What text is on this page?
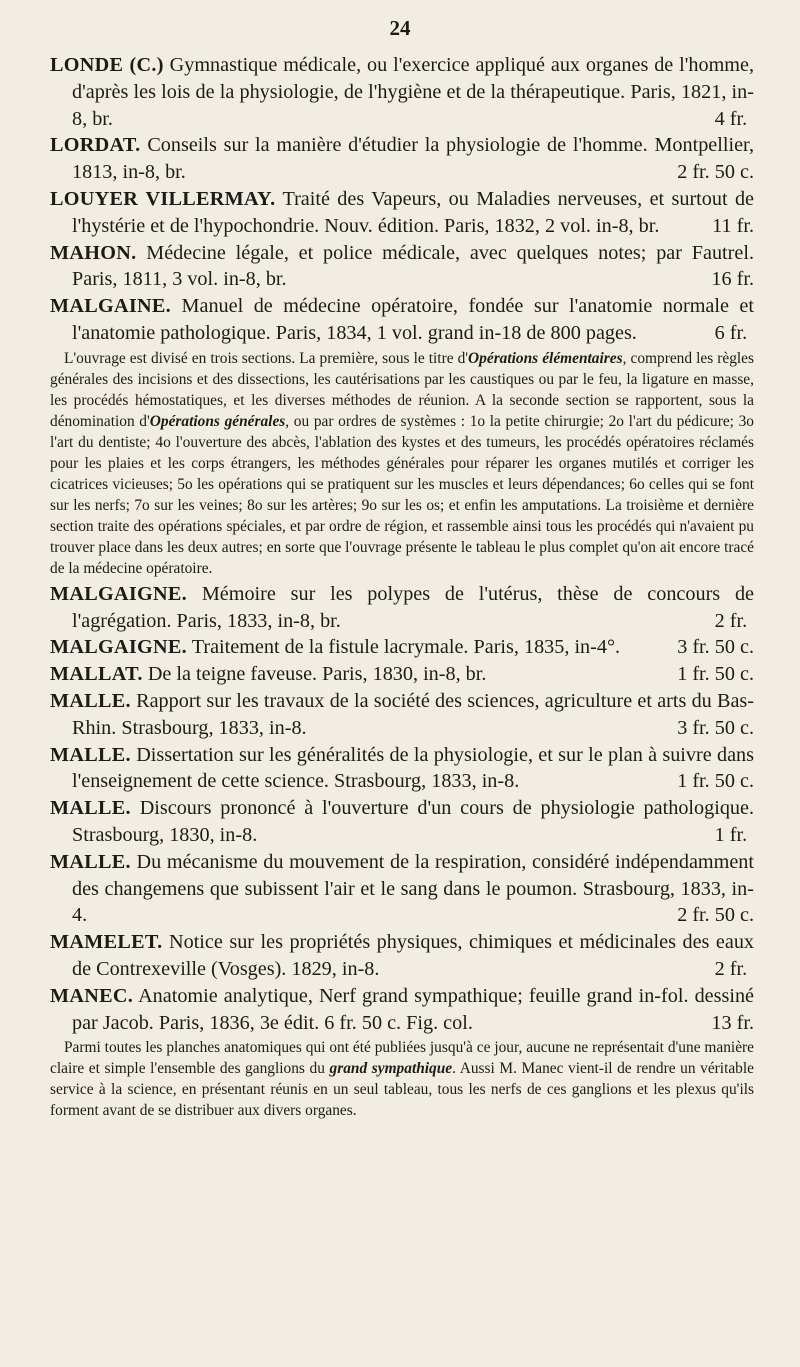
24

LONDE (C.) Gymnastique médicale, ou l'exercice appliqué aux organes de l'homme, d'après les lois de la physiologie, de l'hygiène et de la thérapeutique. Paris, 1821, in-8, br.	4 fr.

LORDAT. Conseils sur la manière d'étudier la physiologie de l'homme. Montpellier, 1813, in-8, br.	2 fr. 50 c.

LOUYER VILLERMAY. Traité des Vapeurs, ou Maladies nerveuses, et surtout de l'hystérie et de l'hypochondrie. Nouv. édition. Paris, 1832, 2 vol. in-8, br.	11 fr.

MAHON. Médecine légale, et police médicale, avec quelques notes; par Fautrel. Paris, 1811, 3 vol. in-8, br.	16 fr.

MALGAINE. Manuel de médecine opératoire, fondée sur l'anatomie normale et l'anatomie pathologique. Paris, 1834, 1 vol. grand in-18 de 800 pages.	6 fr.

L'ouvrage est divisé en trois sections. La première, sous le titre d'Opérations élémentaires, comprend les règles générales des incisions et des dissections, les cautérisations par les caustiques ou par le feu, la ligature en masse, les procédés hémostatiques, et les diverses méthodes de réunion. A la seconde section se rapportent, sous la dénomination d'Opérations générales, ou par ordres de systèmes : 1o la petite chirurgie; 2o l'art du pédicure; 3o l'art du dentiste; 4o l'ouverture des abcès, l'ablation des kystes et des tumeurs, les procédés opératoires réclamés pour les plaies et les corps étrangers, les méthodes générales pour réparer les organes mutilés et corriger les cicatrices vicieuses; 5o les opérations qui se pratiquent sur les muscles et leurs dépendances; 6o celles qui se font sur les nerfs; 7o sur les veines; 8o sur les artères; 9o sur les os; et enfin les amputations. La troisième et dernière section traite des opérations spéciales, et par ordre de région, et rassemble ainsi tous les procédés qui n'avaient pu trouver place dans les deux autres; en sorte que l'ouvrage présente le tableau le plus complet qu'on ait encore tracé de la médecine opératoire.

MALGAIGNE. Mémoire sur les polypes de l'utérus, thèse de concours de l'agrégation. Paris, 1833, in-8, br.	2 fr.

MALGAIGNE. Traitement de la fistule lacrymale. Paris, 1835, in-4°.	3 fr. 50 c.

MALLAT. De la teigne faveuse. Paris, 1830, in-8, br.	1 fr. 50 c.

MALLE. Rapport sur les travaux de la société des sciences, agriculture et arts du Bas-Rhin. Strasbourg, 1833, in-8.	3 fr. 50 c.

MALLE. Dissertation sur les généralités de la physiologie, et sur le plan à suivre dans l'enseignement de cette science. Strasbourg, 1833, in-8.	1 fr. 50 c.

MALLE. Discours prononcé à l'ouverture d'un cours de physiologie pathologique. Strasbourg, 1830, in-8.	1 fr.

MALLE. Du mécanisme du mouvement de la respiration, considéré indépendamment des changemens que subissent l'air et le sang dans le poumon. Strasbourg, 1833, in-4.	2 fr. 50 c.

MAMELET. Notice sur les propriétés physiques, chimiques et médicinales des eaux de Contrexeville (Vosges). 1829, in-8.	2 fr.

MANEC. Anatomie analytique, Nerf grand sympathique; feuille grand in-fol. dessiné par Jacob. Paris, 1836, 3e édit. 6 fr. 50 c. Fig. col.	13 fr.

Parmi toutes les planches anatomiques qui ont été publiées jusqu'à ce jour, aucune ne représentait d'une manière claire et simple l'ensemble des ganglions du grand sympathique. Aussi M. Manec vient-il de rendre un véritable service à la science, en présentant réunis en un seul tableau, tous les nerfs de ces ganglions et les plexus qu'ils forment avant de se distribuer aux divers organes.
